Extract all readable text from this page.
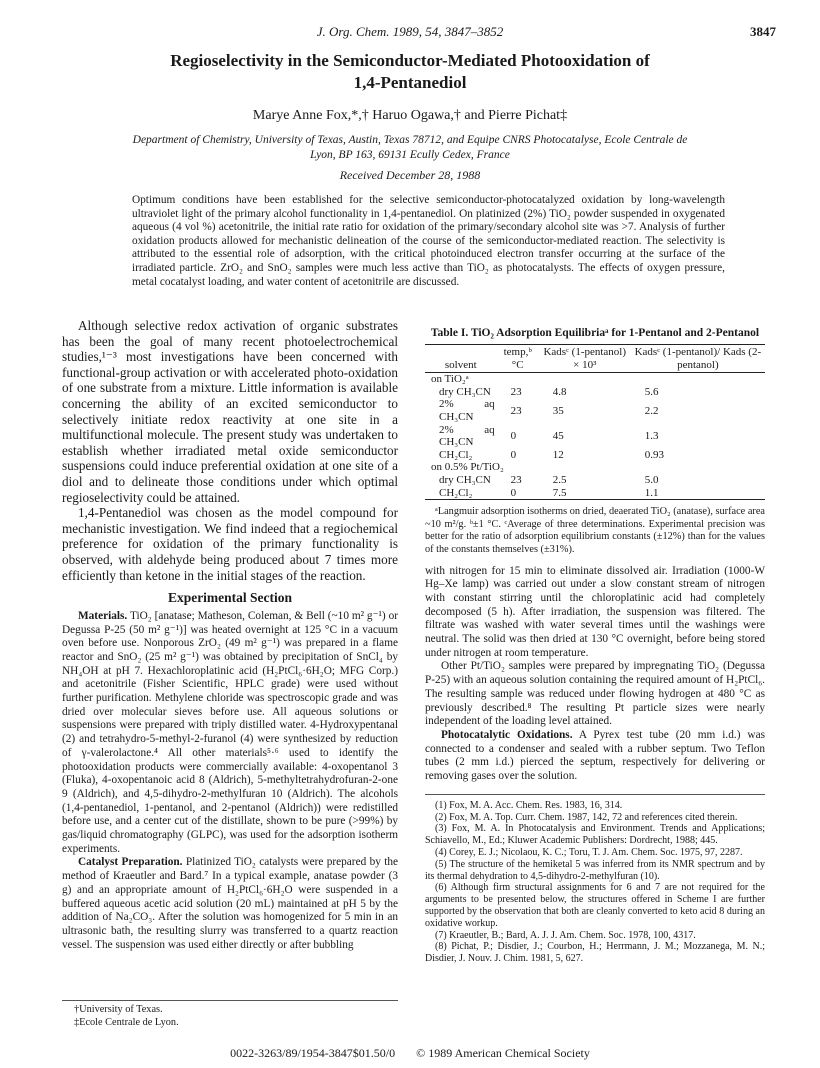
J. Org. Chem. 1989, 54, 3847–3852	3847
Regioselectivity in the Semiconductor-Mediated Photooxidation of
1,4-Pentanediol
Marye Anne Fox,*,† Haruo Ogawa,† and Pierre Pichat‡
Department of Chemistry, University of Texas, Austin, Texas 78712, and Equipe CNRS Photocatalyse, Ecole Centrale de Lyon, BP 163, 69131 Ecully Cedex, France
Received December 28, 1988
Optimum conditions have been established for the selective semiconductor-photocatalyzed oxidation by long-wavelength ultraviolet light of the primary alcohol functionality in 1,4-pentanediol. On platinized (2%) TiO₂ powder suspended in oxygenated aqueous (4 vol %) acetonitrile, the initial rate ratio for oxidation of the primary/secondary alcohol site was >7. Analysis of further oxidation products allowed for mechanistic delineation of the course of the semiconductor-mediated reaction. The selectivity is attributed to the essential role of adsorption, with the critical photoinduced electron transfer occurring at the surface of the irradiated particle. ZrO₂ and SnO₂ samples were much less active than TiO₂ as photocatalysts. The effects of oxygen pressure, metal cocatalyst loading, and water content of acetonitrile are discussed.

Although selective redox activation of organic substrates has been the goal of many recent photoelectrochemical studies,¹⁻³ most investigations have been concerned with functional-group activation or with accelerated photo-oxidation of one substrate from a mixture. Little information is available concerning the ability of an excited semiconductor to selectively initiate redox reactivity at one site in a multifunctional molecule. The present study was undertaken to establish whether irradiated metal oxide semiconductor suspensions could induce preferential oxidation at one site of a diol and to delineate those conditions under which optimal regioselectivity could be attained.

1,4-Pentanediol was chosen as the model compound for mechanistic investigation. We find indeed that a regiochemical preference for oxidation of the primary functionality is observed, with aldehyde being produced about 7 times more efficiently than ketone in the initial stages of the reaction.

Experimental Section

Materials. TiO₂ [anatase; Matheson, Coleman, & Bell (~10 m² g⁻¹) or Degussa P-25 (50 m² g⁻¹)] was heated overnight at 125 °C in a vacuum oven before use. Nonporous ZrO₂ (49 m² g⁻¹) was prepared in a flame reactor and SnO₂ (25 m² g⁻¹) was obtained by precipitation of SnCl₄ by NH₄OH at pH 7. Hexachloroplatinic acid (H₂PtCl₆·6H₂O; MFG Corp.) and acetonitrile (Fisher Scientific, HPLC grade) were used without further purification. Methylene chloride was spectroscopic grade and was dried over molecular sieves before use. All aqueous solutions or suspensions were prepared with triply distilled water. 4-Hydroxypentanal (2) and tetrahydro-5-methyl-2-furanol (4) were synthesized by reduction of γ-valerolactone.⁴ All other materials⁵·⁶ used to identify the photooxidation products were commercially available: 4-oxopentanol 3 (Fluka), 4-oxopentanoic acid 8 (Aldrich), 5-methyltetrahydrofuran-2-one 9 (Aldrich), and 4,5-dihydro-2-methylfuran 10 (Aldrich). The alcohols (1,4-pentanediol, 1-pentanol, and 2-pentanol (Aldrich)) were redistilled before use, and a center cut of the distillate, shown to be pure (>99%) by gas/liquid chromatography (GLPC), was used for the adsorption isotherm experiments.

Catalyst Preparation. Platinized TiO₂ catalysts were prepared by the method of Kraeutler and Bard.⁷ In a typical example, anatase powder (3 g) and an appropriate amount of H₂PtCl₆·6H₂O were suspended in a buffered aqueous acetic acid solution (20 mL) maintained at pH 5 by the addition of Na₂CO₃. After the solution was homogenized for 5 min in an ultrasonic bath, the resulting slurry was transferred to a quartz reaction vessel. The suspension was used either directly or after bubbling

†University of Texas.
‡Ecole Centrale de Lyon.
Table I. TiO₂ Adsorption Equilibriaᵃ for 1-Pentanol and 2-Pentanol
solvent	temp,ᵇ °C	Kadsᶜ (1-pentanol) × 10³	Kadsᶜ (1-pentanol)/ Kads (2-pentanol)
on TiO₂ᵃ			
dry CH₃CN	23	4.8	5.6
2% aq CH₃CN	23	35	2.2
2% aq CH₃CN	0	45	1.3
CH₂Cl₂	0	12	0.93
on 0.5% Pt/TiO₂			
dry CH₃CN	23	2.5	5.0
CH₂Cl₂	0	7.5	1.1

ᵃLangmuir adsorption isotherms on dried, deaerated TiO₂ (anatase), surface area ~10 m²/g. ᵇ±1 °C. ᶜAverage of three determinations. Experimental precision was better for the ratio of adsorption equilibrium constants (±12%) than for the values of the constants themselves (±31%).

with nitrogen for 15 min to eliminate dissolved air. Irradiation (1000-W Hg–Xe lamp) was carried out under a slow constant stream of nitrogen with constant stirring until the chloroplatinic acid had completely decomposed (5 h). After irradiation, the suspension was filtered. The filtrate was washed with water several times until the washings were neutral. The solid was then dried at 130 °C overnight, before being stored under nitrogen at room temperature.

Other Pt/TiO₂ samples were prepared by impregnating TiO₂ (Degussa P-25) with an aqueous solution containing the required amount of H₂PtCl₆. The resulting sample was reduced under flowing hydrogen at 480 °C as previously described.⁸ The resulting Pt particle sizes were nearly independent of the loading level attained.

Photocatalytic Oxidations. A Pyrex test tube (20 mm i.d.) was connected to a condenser and sealed with a rubber septum. Two Teflon tubes (2 mm i.d.) pierced the septum, respectively for delivering or removing gases over the solution.

(1) Fox, M. A. Acc. Chem. Res. 1983, 16, 314.
(2) Fox, M. A. Top. Curr. Chem. 1987, 142, 72 and references cited therein.
(3) Fox, M. A. In Photocatalysis and Environment. Trends and Applications; Schiavello, M., Ed.; Kluwer Academic Publishers: Dordrecht, 1988; 445.
(4) Corey, E. J.; Nicolaou, K. C.; Toru, T. J. Am. Chem. Soc. 1975, 97, 2287.
(5) The structure of the hemiketal 5 was inferred from its NMR spectrum and by its thermal dehydration to 4,5-dihydro-2-methylfuran (10).
(6) Although firm structural assignments for 6 and 7 are not required for the arguments to be presented below, the structures offered in Scheme I are further supported by the observation that both are cleanly converted to keto acid 8 during an oxidative workup.
(7) Kraeutler, B.; Bard, A. J. J. Am. Chem. Soc. 1978, 100, 4317.
(8) Pichat, P.; Disdier, J.; Courbon, H.; Herrmann, J. M.; Mozzanega, M. N.; Disdier, J. Nouv. J. Chim. 1981, 5, 627.
0022-3263/89/1954-3847$01.50/0 © 1989 American Chemical Society
